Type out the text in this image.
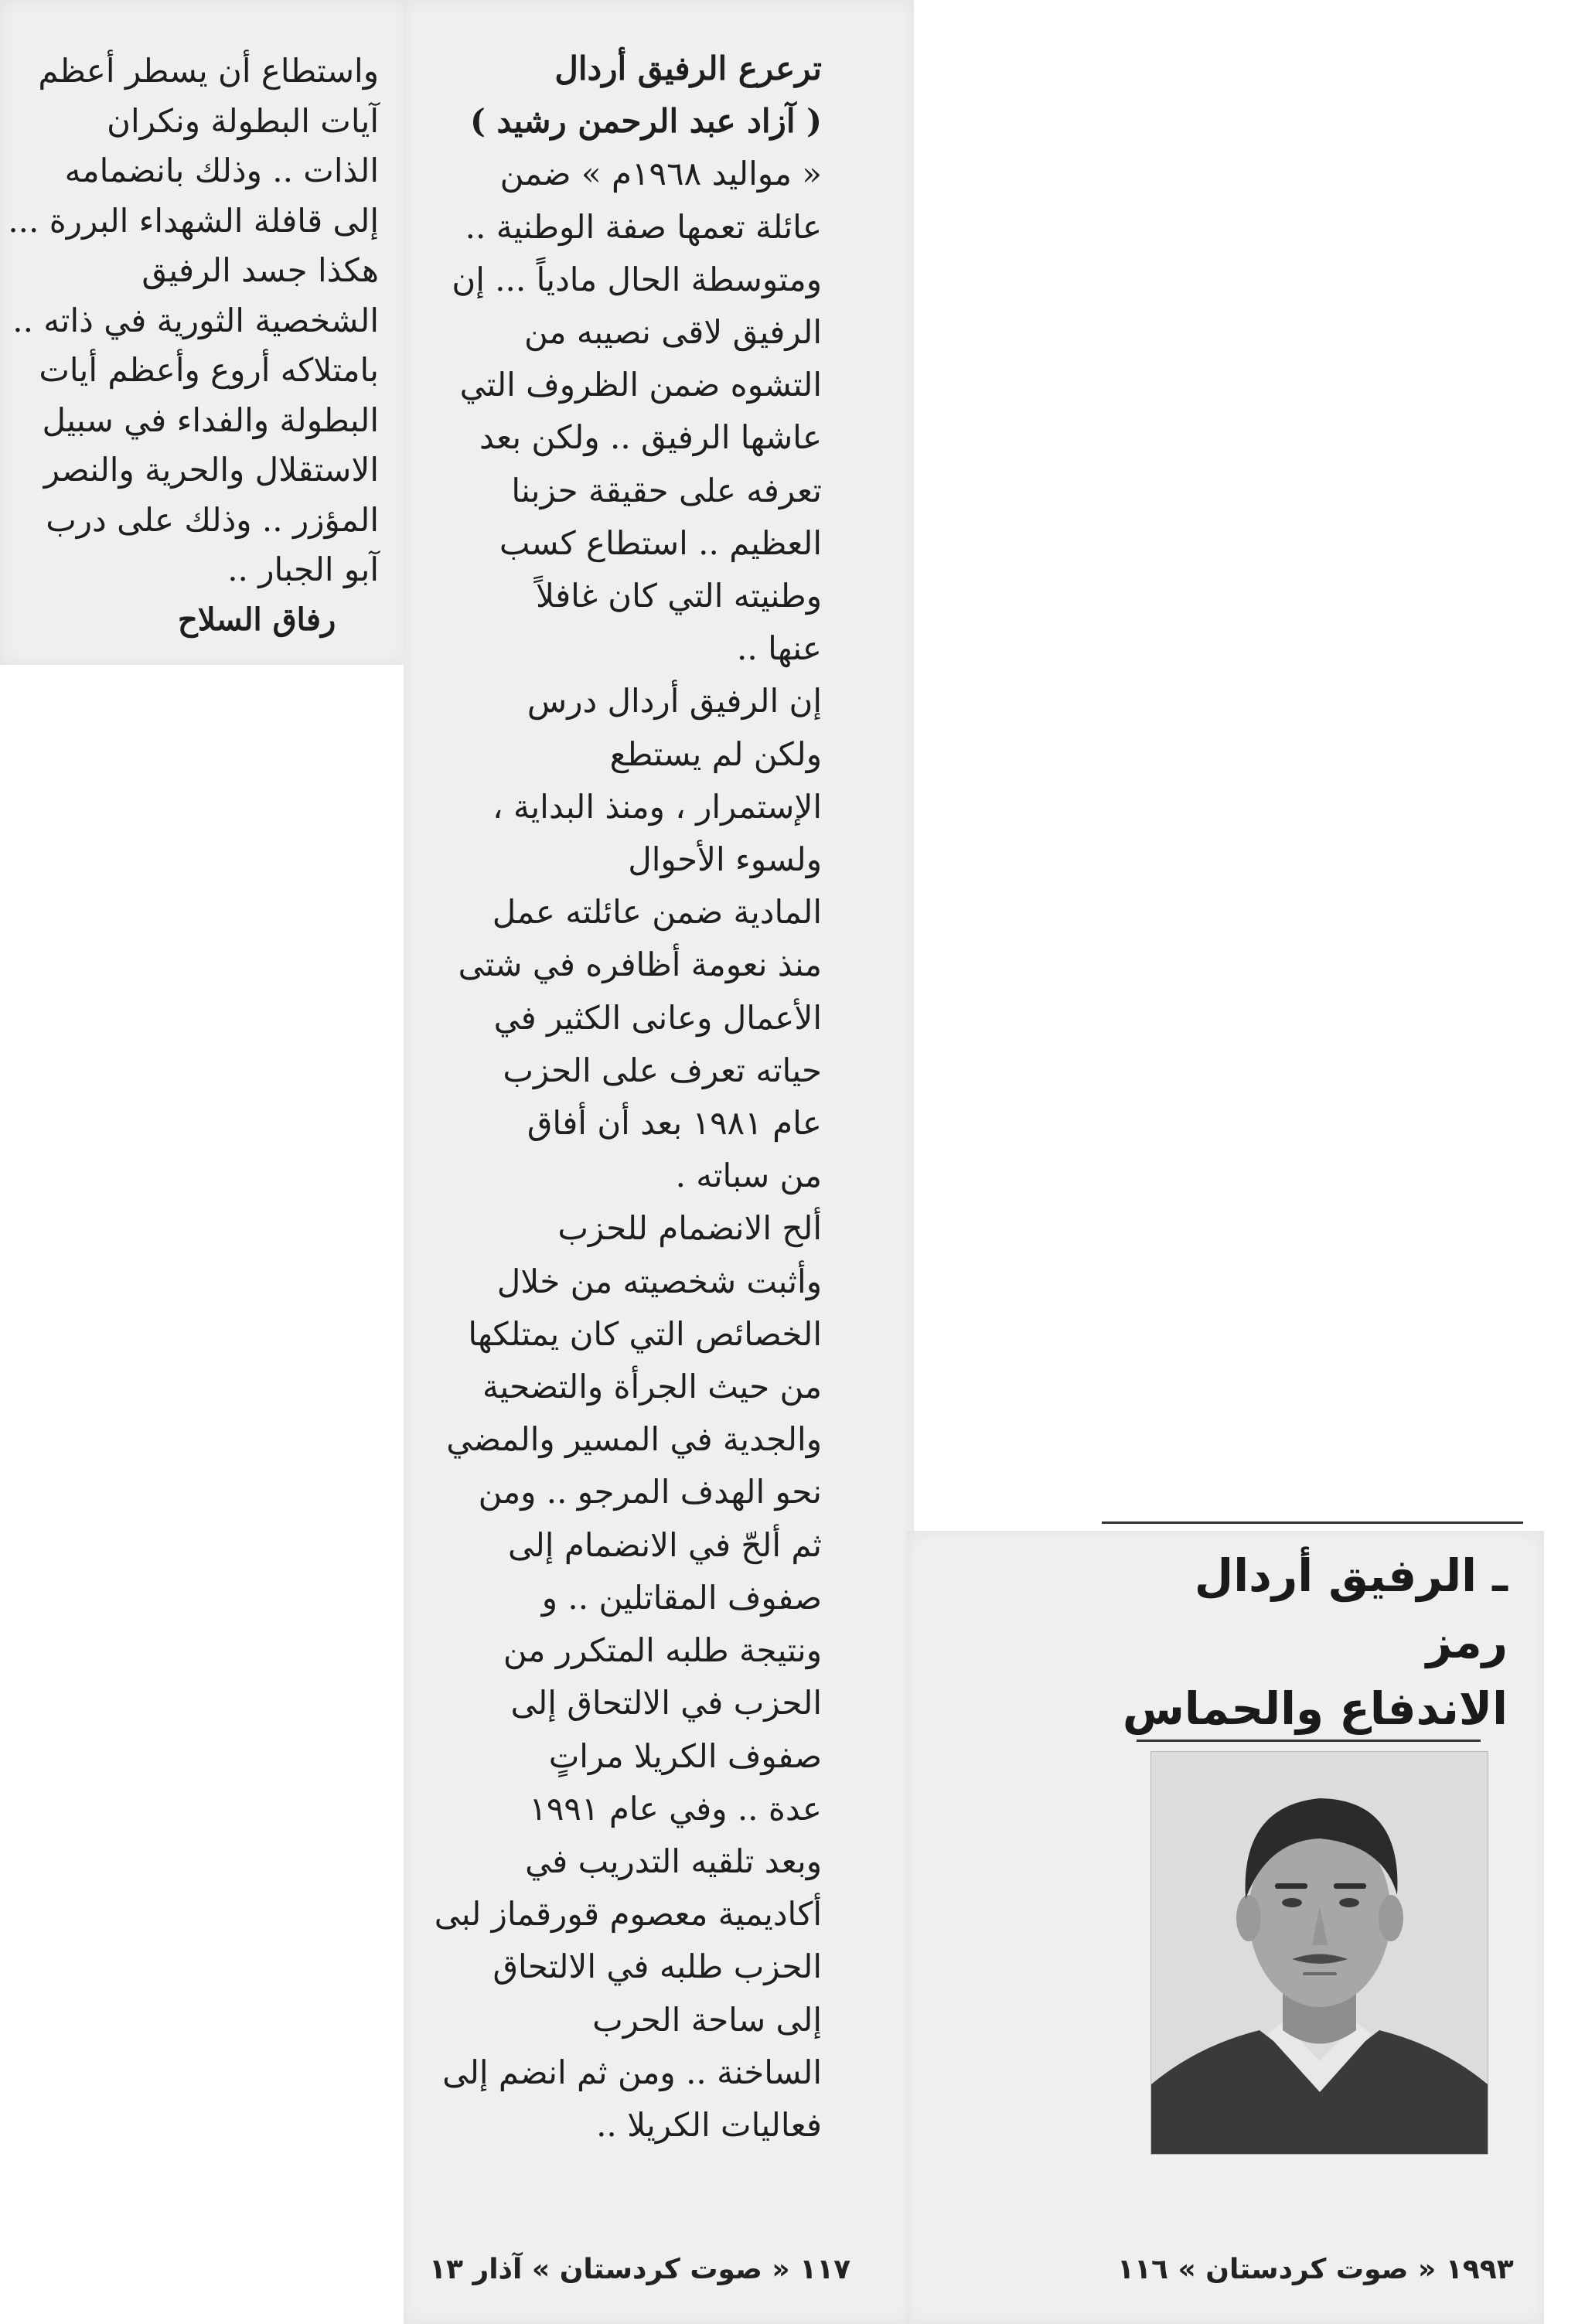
واستطاع أن يسطر أعظم
آيات البطولة ونكران
الذات .. وذلك بانضمامه
إلى قافلة الشهداء البررة ...
هكذا جسد الرفيق
الشخصية الثورية في ذاته ..
بامتلاكه أروع وأعظم أيات
البطولة والفداء في سبيل
الاستقلال والحرية والنصر
المؤزر .. وذلك على درب
آبو الجبار ..
رفاق السلاح
ترعرع الرفيق أردال
( آزاد عبد الرحمن رشيد )
« مواليد ١٩٦٨م » ضمن
عائلة تعمها صفة الوطنية ..
ومتوسطة الحال مادياً ... إن
الرفيق لاقى نصيبه من
التشوه ضمن الظروف التي
عاشها الرفيق .. ولكن بعد
تعرفه على حقيقة حزبنا
العظيم .. استطاع كسب
وطنيته التي كان غافلاً
عنها ..
إن الرفيق أردال درس
ولكن لم يستطع
الإستمرار ، ومنذ البداية ،
ولسوء الأحوال
المادية ضمن عائلته عمل
منذ نعومة أظافره في شتى
الأعمال وعانى الكثير في
حياته تعرف على الحزب
عام ١٩٨١ بعد أن أفاق
من سباته .
ألح الانضمام للحزب
وأثبت شخصيته من خلال
الخصائص التي كان يمتلكها
من حيث الجرأة والتضحية
والجدية في المسير والمضي
نحو الهدف المرجو .. ومن
ثم ألحّ في الانضمام إلى
صفوف المقاتلين .. و
ونتيجة طلبه المتكرر من
الحزب في الالتحاق إلى
صفوف الكريلا مراتٍ
عدة .. وفي عام ١٩٩١
وبعد تلقيه التدريب في
أكاديمية معصوم قورقماز لبى
الحزب طلبه في الالتحاق
إلى ساحة الحرب
الساخنة .. ومن ثم انضم إلى
فعاليات الكريلا ..
ـ الرفيق أردال رمز
الاندفاع والحماس
١١٧ « صوت كردستان » آذار ١٣	١٩٩٣ « صوت كردستان » ١١٦
